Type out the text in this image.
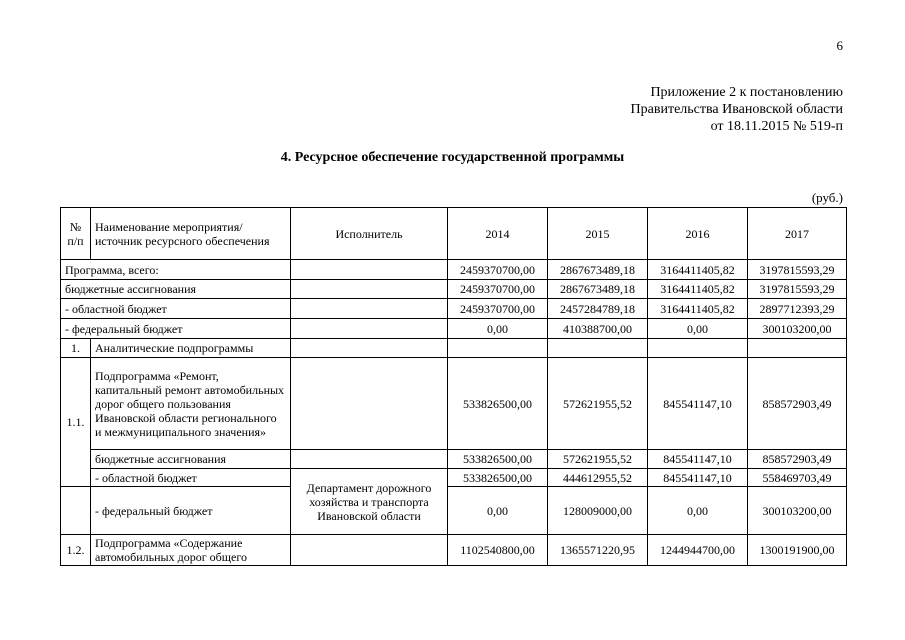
6
Приложение 2 к постановлению
Правительства Ивановской области
от 18.11.2015 № 519-п
4. Ресурсное обеспечение государственной программы
(руб.)
№ п/п	Наименование мероприятия/ источник ресурсного обеспечения	Исполнитель	2014	2015	2016	2017
Программа, всего:			2459370700,00	2867673489,18	3164411405,82	3197815593,29
бюджетные ассигнования			2459370700,00	2867673489,18	3164411405,82	3197815593,29
- областной бюджет			2459370700,00	2457284789,18	3164411405,82	2897712393,29
- федеральный бюджет			0,00	410388700,00	0,00	300103200,00
1.	Аналитические подпрограммы					
1.1.	Подпрограмма «Ремонт, капитальный ремонт автомобильных дорог общего пользования Ивановской области регионального и межмуниципального значения»		533826500,00	572621955,52	845541147,10	858572903,49
	бюджетные ассигнования		533826500,00	572621955,52	845541147,10	858572903,49
	- областной бюджет	Департамент дорожного хозяйства и транспорта Ивановской области	533826500,00	444612955,52	845541147,10	558469703,49
	- федеральный бюджет		0,00	128009000,00	0,00	300103200,00
1.2.	Подпрограмма «Содержание автомобильных дорог общего		1102540800,00	1365571220,95	1244944700,00	1300191900,00
